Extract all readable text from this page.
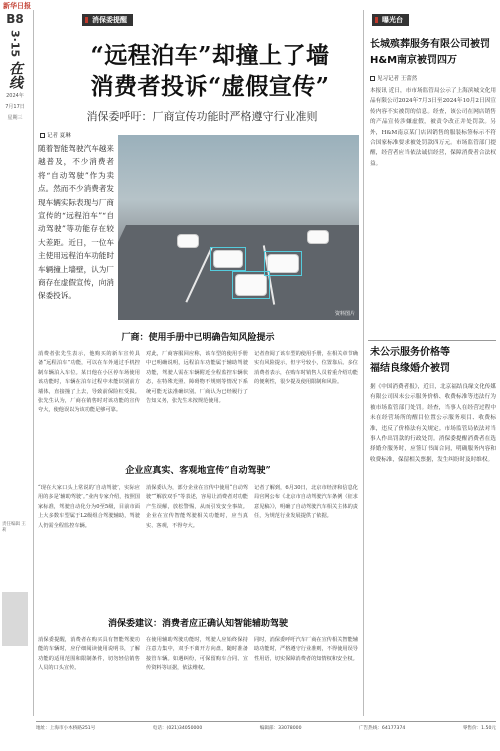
新华日报
B8
3·15
在线
2024年
7月17日
星期三
责任编辑 王莉
消保委提醒
“远程泊车”却撞上了墙
消费者投诉“虚假宣传”
消保委呼吁：厂商宣传功能时严格遵守行业准则
记者 夏琳
随着智能驾驶汽车越来越普及，不少消费者将“自动驾驶”作为卖点。然而不少消费者发现车辆实际表现与厂商宣传的“远程泊车”“自动驾驶”等功能存在较大差距。近日，一位车主使用远程泊车功能时车辆撞上墙壁，认为厂商存在虚假宣传，向消保委投诉。
资料图片
厂商：使用手册中已明确告知风险提示
消费者张先生表示，他购买的新车宣传具备“远程泊车”功能，可以在车外通过手机控制车辆泊入车位。某日他在小区停车场使用该功能时，车辆在泊车过程中未能识别前方墙体，直接撞了上去，导致前保险杠受损。张先生认为，厂商在销售时对该功能的宣传夸大，使他误以为该功能足够可靠。
对此，厂商客服回应称，该车型的使用手册中已明确说明，远程泊车功能属于辅助驾驶功能，驾驶人需在车辆附近全程监控车辆状态，在特殊光照、障碍物不规则等情况下系统可能无法准确识别。厂商认为已经履行了告知义务，张先生未按规范使用。
记者查阅了该车型的使用手册，在相关章节确实有风险提示，但字号较小，位置靠后。多位消费者表示，在购车时销售人员着重介绍功能的便利性，很少提及使用限制和风险。
企业应真实、客观地宣传“自动驾驶”
“现在大家口头上常说的‘自动驾驶’，实际应用的多是‘辅助驾驶’。”业内专家介绍，按照国家标准，驾驶自动化分为0至5级，目前市面上大多数车型属于L2级组合驾驶辅助，驾驶人仍需全程监控车辆。
消保委认为，部分企业在宣传中使用“自动驾驶”“解放双手”等表述，容易让消费者对功能产生误解，放松警惕，从而引发安全事故。企业在宣传智能驾驶相关功能时，应当真实、客观，不得夸大。
记者了解到，6月30日，北京市经济和信息化局官网公布《北京市自动驾驶汽车条例（征求意见稿）》，明确了自动驾驶汽车相关主体的责任，为规范行业发展提供了依据。
消保委建议：消费者应正确认知智能辅助驾驶
消保委提醒，消费者在购买具有智能驾驶功能的车辆时，应仔细阅读使用说明书，了解功能的适用范围和限制条件，切勿轻信销售人员的口头宣传。
在使用辅助驾驶功能时，驾驶人应始终保持注意力集中，双手不离开方向盘，随时准备接管车辆。如遇纠纷，可保留购车合同、宣传资料等证据，依法维权。
同时，消保委呼吁汽车厂商在宣传相关智能辅助功能时，严格遵守行业准则，不得使用误导性用语，切实保障消费者的知情权和安全权。
曝光台
长城殡葬服务有限公司被罚
H&M南京被罚四万
见习记者 王蕾然
本报讯 近日，市市场监管局公示了上海滨城文化用品有限公司2024年7月3日至2024年10月2日因宣传内容不实被罚的信息。经查，该公司在网店销售的产品宣传涉嫌虚假，被责令改正并处罚款。另外，H&M南京某门店因销售的服装标签标示不符合国家标准要求被处罚款四万元。市场监管部门提醒，经营者应当依法诚信经营，保障消费者合法权益。
未公示服务价格等
福结良缘婚介被罚
据《中国消费者报》，近日，北京福结良缘文化传媒有限公司因未公示服务价格、收费标准等违法行为被市场监管部门处罚。经查，当事人在经营过程中未在经营场所的醒目位置公示服务项目、收费标准，违反了价格法有关规定。市场监管局依法对当事人作出罚款的行政处罚。消保委提醒消费者在选择婚介服务时，应签订书面合同，明确服务内容和收费标准，保留相关票据，发生纠纷时及时维权。
地址：上海市小木桥路251号	电话：(021)34050000	编辑部：33078000	广告热线：64177374	零售价：1.50元
